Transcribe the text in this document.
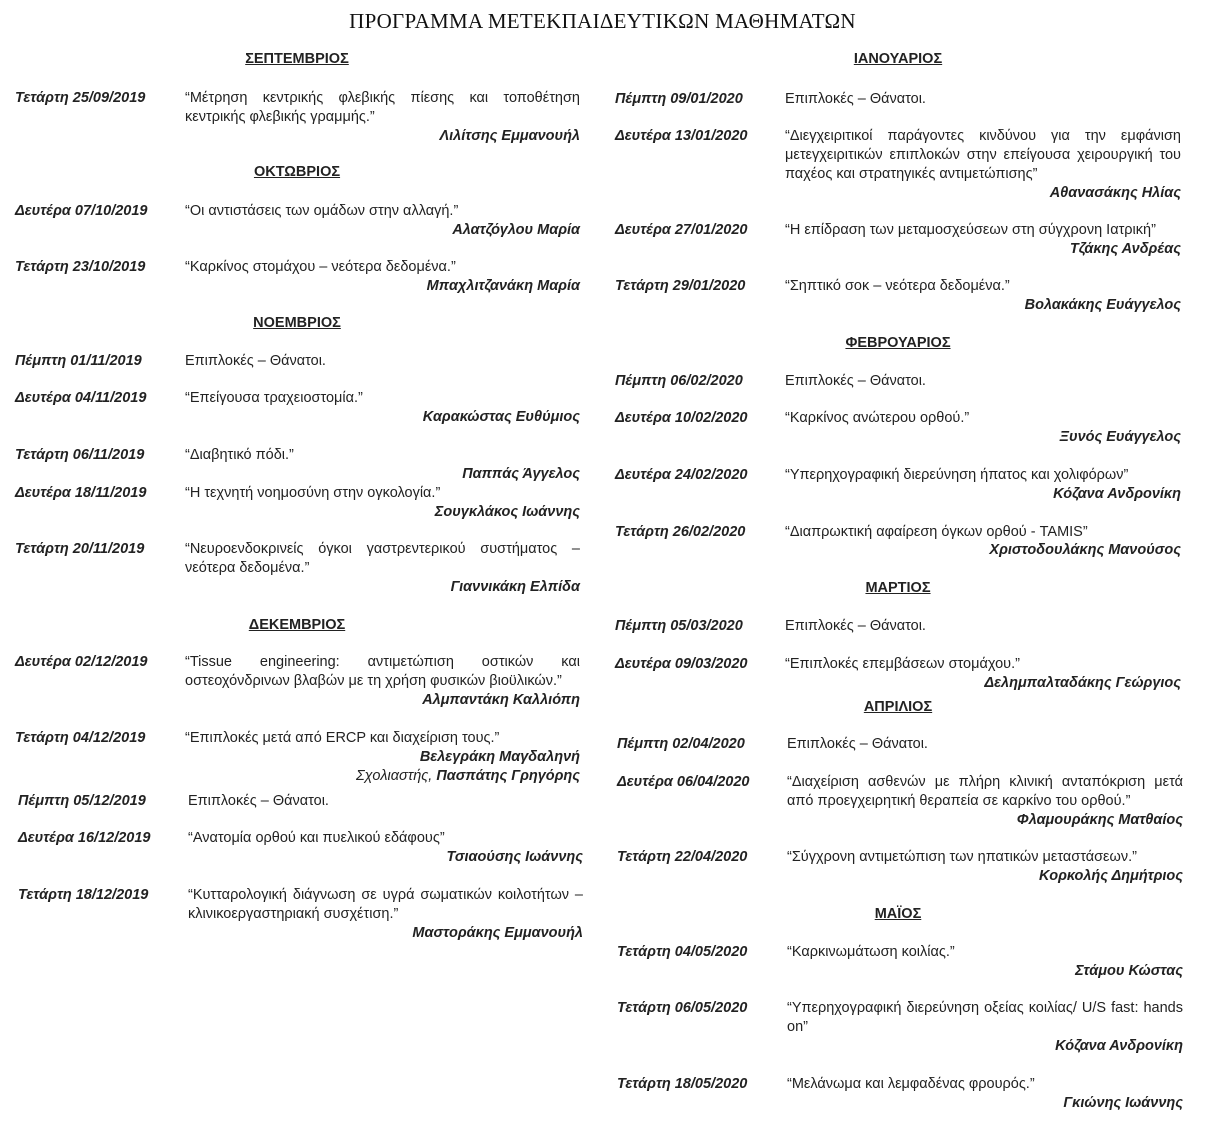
ΠΡΟΓΡΑΜΜΑ ΜΕΤΕΚΠΑΙΔΕΥΤΙΚΩΝ ΜΑΘΗΜΑΤΩΝ
ΣΕΠΤΕΜΒΡΙΟΣ
Τετάρτη 25/09/2019	“Μέτρηση κεντρικής φλεβικής πίεσης και τοποθέτηση κεντρικής φλεβικής γραμμής.”
Λιλίτσης Εμμανουήλ
ΟΚΤΩΒΡΙΟΣ
Δευτέρα 07/10/2019	“Οι αντιστάσεις των ομάδων στην αλλαγή.”
Αλατζόγλου Μαρία
Τετάρτη 23/10/2019	“Καρκίνος στομάχου – νεότερα δεδομένα.”
Μπαχλιτζανάκη Μαρία
ΝΟΕΜΒΡΙΟΣ
Πέμπτη 01/11/2019	Επιπλοκές – Θάνατοι.
Δευτέρα 04/11/2019	“Επείγουσα τραχειοστομία.”
Καρακώστας Ευθύμιος
Τετάρτη 06/11/2019	“Διαβητικό πόδι.”
Παππάς Άγγελος
Δευτέρα 18/11/2019	“Η τεχνητή νοημοσύνη στην ογκολογία.”
Σουγκλάκος Ιωάννης
Τετάρτη 20/11/2019	“Νευροενδοκρινείς όγκοι γαστρεντερικού συστήματος – νεότερα δεδομένα.”
Γιαννικάκη Ελπίδα
ΔΕΚΕΜΒΡΙΟΣ
Δευτέρα 02/12/2019	“Tissue engineering: αντιμετώπιση οστικών και οστεοχόνδρινων βλαβών με τη χρήση φυσικών βιοϋλικών.”
Αλμπαντάκη Καλλιόπη
Τετάρτη 04/12/2019	“Επιπλοκές μετά από ERCP και διαχείριση τους.”
Βελεγράκη Μαγδαληνή
Σχολιαστής, Πασπάτης Γρηγόρης
Πέμπτη 05/12/2019	Επιπλοκές – Θάνατοι.
Δευτέρα 16/12/2019	“Ανατομία ορθού και πυελικού εδάφους”
Τσιαούσης Ιωάννης
Τετάρτη 18/12/2019	“Κυτταρολογική διάγνωση σε υγρά σωματικών κοιλοτήτων – κλινικοεργαστηριακή συσχέτιση.”
Μαστοράκης Εμμανουήλ
ΙΑΝΟΥΑΡΙΟΣ
Πέμπτη 09/01/2020	Επιπλοκές – Θάνατοι.
Δευτέρα 13/01/2020	“Διεγχειριτικοί παράγοντες κινδύνου για την εμφάνιση μετεγχειριτικών επιπλοκών στην επείγουσα χειρουργική του παχέος και στρατηγικές αντιμετώπισης”
Αθανασάκης Ηλίας
Δευτέρα 27/01/2020	“Η επίδραση των μεταμοσχεύσεων στη σύγχρονη Ιατρική”
Τζάκης Ανδρέας
Τετάρτη 29/01/2020	“Σηπτικό σοκ – νεότερα δεδομένα.”
Βολακάκης Ευάγγελος
ΦΕΒΡΟΥΑΡΙΟΣ
Πέμπτη 06/02/2020	Επιπλοκές – Θάνατοι.
Δευτέρα 10/02/2020	“Καρκίνος ανώτερου ορθού.”
Ξυνός Ευάγγελος
Δευτέρα 24/02/2020	“Υπερηχογραφική διερεύνηση ήπατος και χολιφόρων”
Κόζανα Ανδρονίκη
Τετάρτη 26/02/2020	“Διαπρωκτική αφαίρεση όγκων ορθού - TAMIS”
Χριστοδουλάκης Μανούσος
ΜΑΡΤΙΟΣ
Πέμπτη 05/03/2020	Επιπλοκές – Θάνατοι.
Δευτέρα 09/03/2020	“Επιπλοκές επεμβάσεων στομάχου.”
Δελημπαλταδάκης Γεώργιος
ΑΠΡΙΛΙΟΣ
Πέμπτη 02/04/2020	Επιπλοκές – Θάνατοι.
Δευτέρα 06/04/2020	“Διαχείριση ασθενών με πλήρη κλινική ανταπόκριση μετά από προεγχειρητική θεραπεία σε καρκίνο του ορθού.”
Φλαμουράκης Ματθαίος
Τετάρτη 22/04/2020	“Σύγχρονη αντιμετώπιση των ηπατικών μεταστάσεων.”
Κορκολής Δημήτριος
ΜΑΪΟΣ
Τετάρτη 04/05/2020	“Καρκινωμάτωση κοιλίας.”
Στάμου Κώστας
Τετάρτη 06/05/2020	“Υπερηχογραφική διερεύνηση οξείας κοιλίας/ U/S fast: hands on”
Κόζανα Ανδρονίκη
Τετάρτη 18/05/2020	“Μελάνωμα και λεμφαδένας φρουρός.”
Γκιώνης Ιωάννης
